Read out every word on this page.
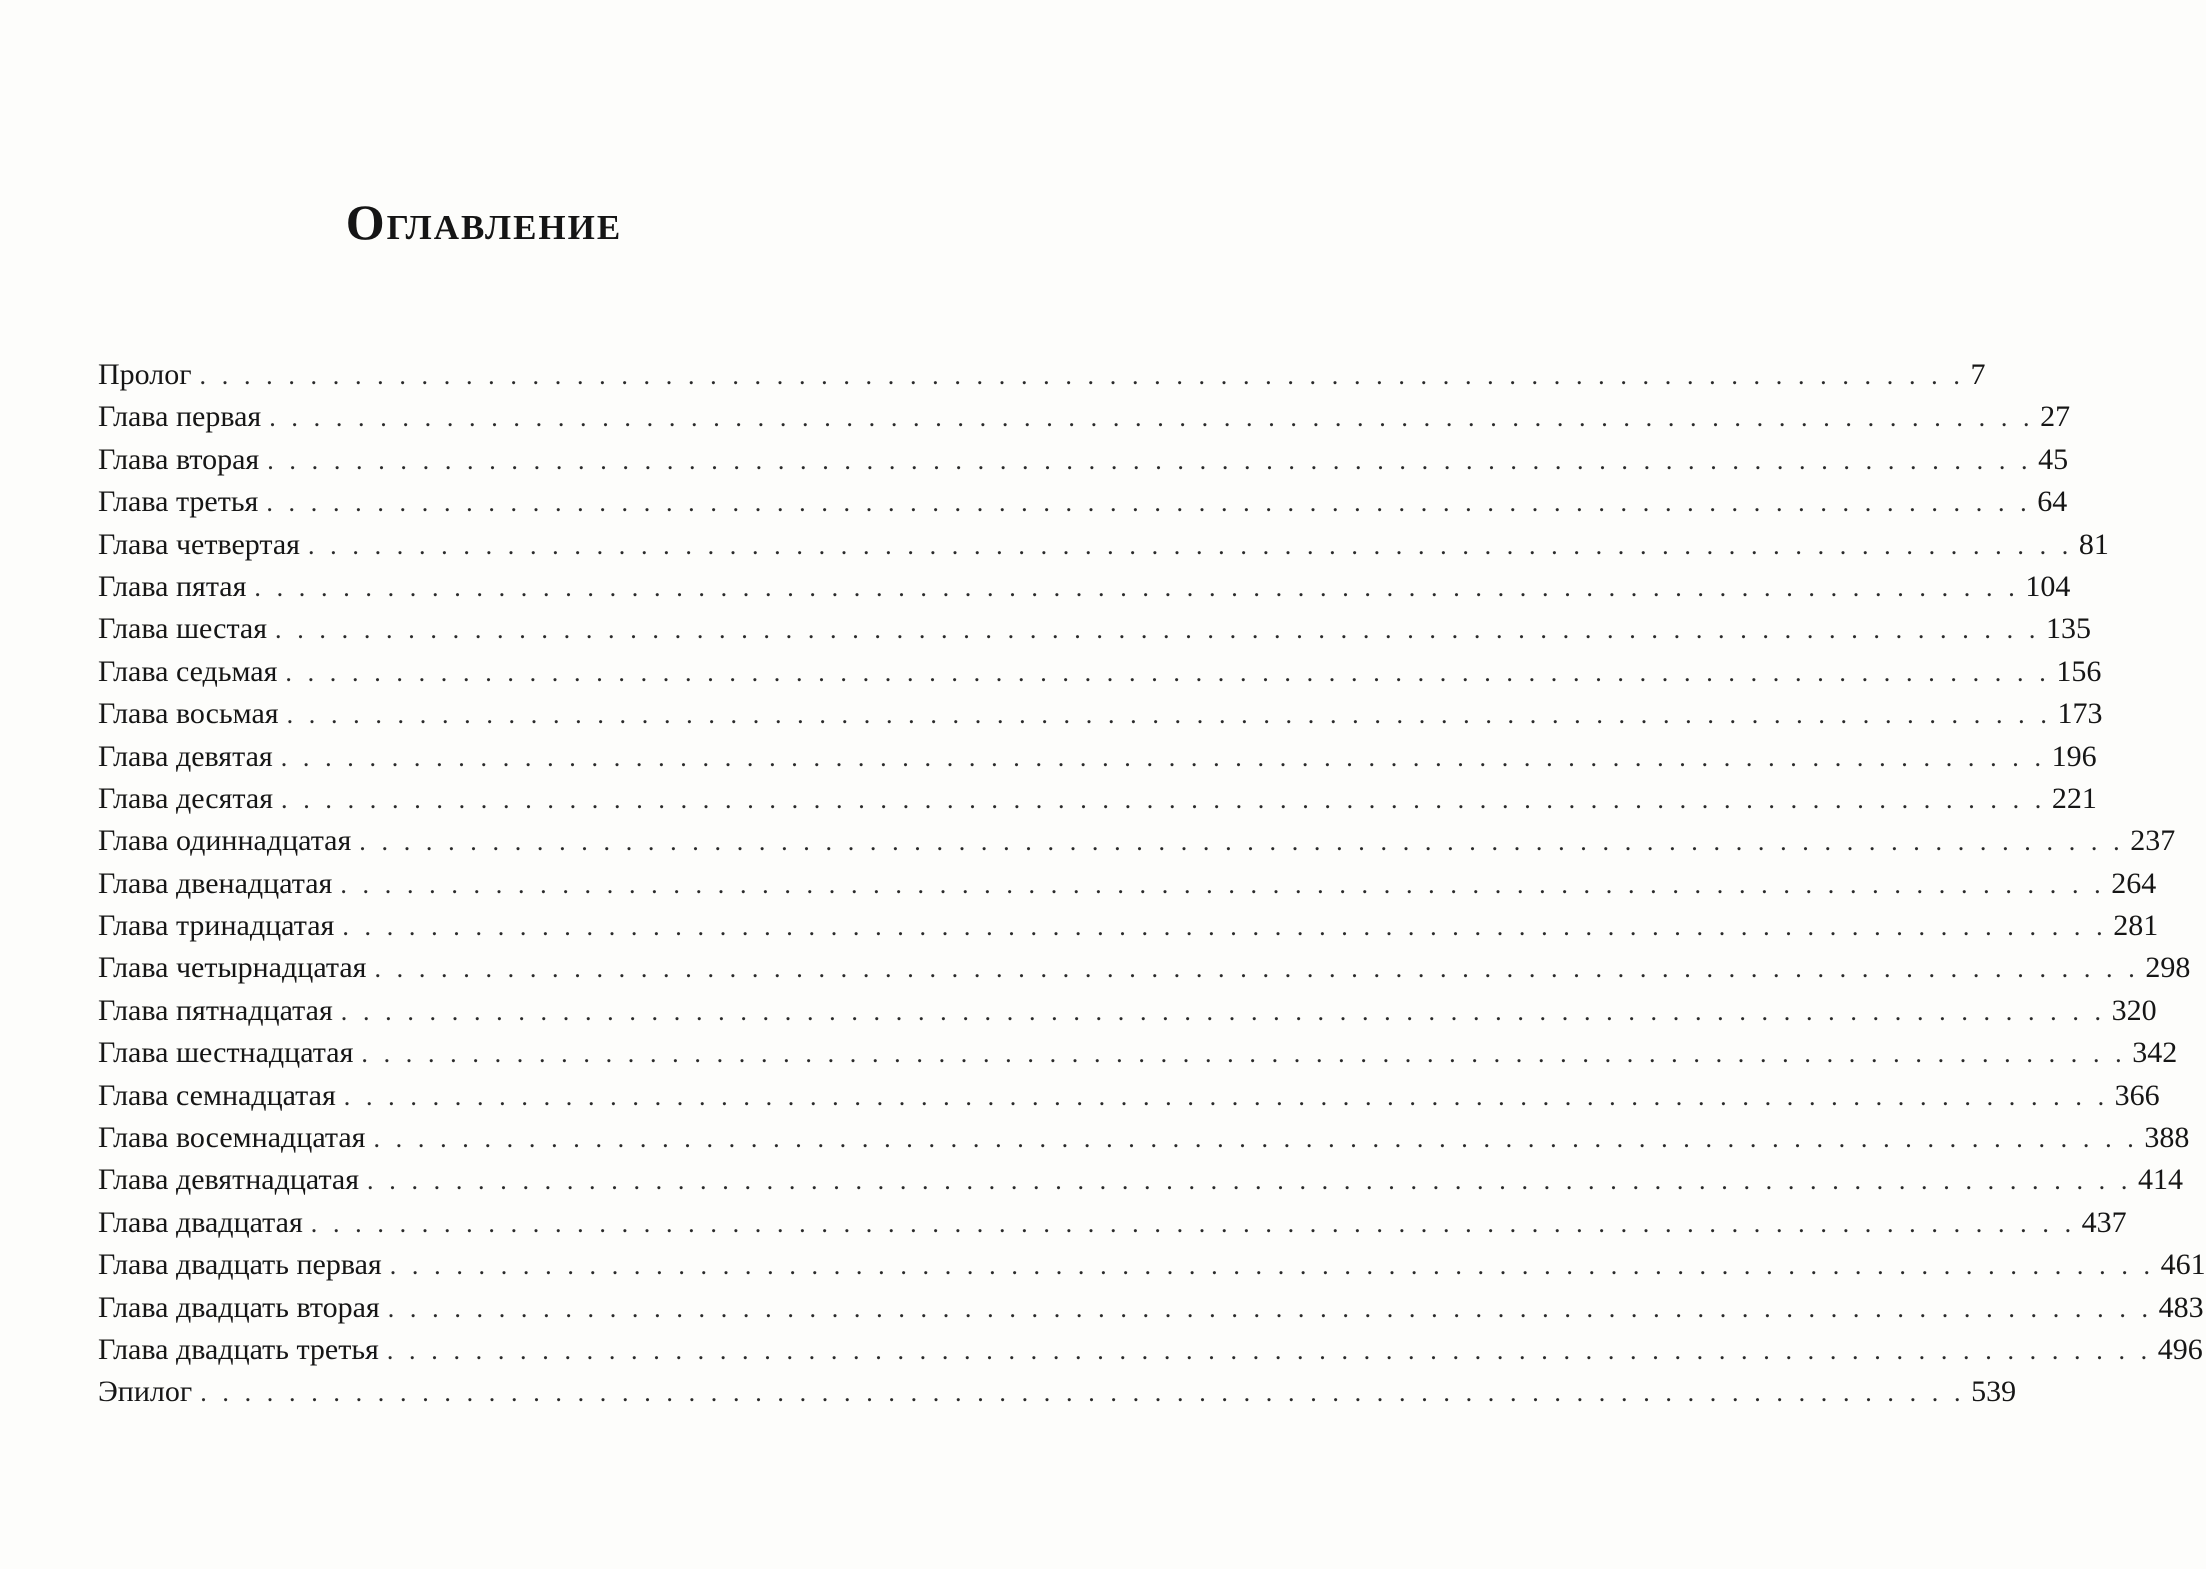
Оглавление
Пролог . . . . . . . . . . . . . . . . . . . . . . . . . . . . . . . . . . . . . . . . . . . . . . . . . . . . . . . . . . . . . . . . . . . . . . . . . . . . . . . . 7
Глава первая . . . . . . . . . . . . . . . . . . . . . . . . . . . . . . . . . . . . . . . . . . . . . . . . . . . . . . . . . . . . . . . . . . . . . . . . . . . . . . . . 27
Глава вторая . . . . . . . . . . . . . . . . . . . . . . . . . . . . . . . . . . . . . . . . . . . . . . . . . . . . . . . . . . . . . . . . . . . . . . . . . . . . . . . . 45
Глава третья . . . . . . . . . . . . . . . . . . . . . . . . . . . . . . . . . . . . . . . . . . . . . . . . . . . . . . . . . . . . . . . . . . . . . . . . . . . . . . . . 64
Глава четвертая . . . . . . . . . . . . . . . . . . . . . . . . . . . . . . . . . . . . . . . . . . . . . . . . . . . . . . . . . . . . . . . . . . . . . . . . . . . . . . . . 81
Глава пятая . . . . . . . . . . . . . . . . . . . . . . . . . . . . . . . . . . . . . . . . . . . . . . . . . . . . . . . . . . . . . . . . . . . . . . . . . . . . . . . . 104
Глава шестая . . . . . . . . . . . . . . . . . . . . . . . . . . . . . . . . . . . . . . . . . . . . . . . . . . . . . . . . . . . . . . . . . . . . . . . . . . . . . . . . 135
Глава седьмая . . . . . . . . . . . . . . . . . . . . . . . . . . . . . . . . . . . . . . . . . . . . . . . . . . . . . . . . . . . . . . . . . . . . . . . . . . . . . . . . 156
Глава восьмая . . . . . . . . . . . . . . . . . . . . . . . . . . . . . . . . . . . . . . . . . . . . . . . . . . . . . . . . . . . . . . . . . . . . . . . . . . . . . . . . 173
Глава девятая . . . . . . . . . . . . . . . . . . . . . . . . . . . . . . . . . . . . . . . . . . . . . . . . . . . . . . . . . . . . . . . . . . . . . . . . . . . . . . . . 196
Глава десятая . . . . . . . . . . . . . . . . . . . . . . . . . . . . . . . . . . . . . . . . . . . . . . . . . . . . . . . . . . . . . . . . . . . . . . . . . . . . . . . . 221
Глава одиннадцатая . . . . . . . . . . . . . . . . . . . . . . . . . . . . . . . . . . . . . . . . . . . . . . . . . . . . . . . . . . . . . . . . . . . . . . . . . . . . . . . . 237
Глава двенадцатая . . . . . . . . . . . . . . . . . . . . . . . . . . . . . . . . . . . . . . . . . . . . . . . . . . . . . . . . . . . . . . . . . . . . . . . . . . . . . . . . 264
Глава тринадцатая . . . . . . . . . . . . . . . . . . . . . . . . . . . . . . . . . . . . . . . . . . . . . . . . . . . . . . . . . . . . . . . . . . . . . . . . . . . . . . . . 281
Глава четырнадцатая . . . . . . . . . . . . . . . . . . . . . . . . . . . . . . . . . . . . . . . . . . . . . . . . . . . . . . . . . . . . . . . . . . . . . . . . . . . . . . . . 298
Глава пятнадцатая . . . . . . . . . . . . . . . . . . . . . . . . . . . . . . . . . . . . . . . . . . . . . . . . . . . . . . . . . . . . . . . . . . . . . . . . . . . . . . . . 320
Глава шестнадцатая . . . . . . . . . . . . . . . . . . . . . . . . . . . . . . . . . . . . . . . . . . . . . . . . . . . . . . . . . . . . . . . . . . . . . . . . . . . . . . . . 342
Глава семнадцатая . . . . . . . . . . . . . . . . . . . . . . . . . . . . . . . . . . . . . . . . . . . . . . . . . . . . . . . . . . . . . . . . . . . . . . . . . . . . . . . . 366
Глава восемнадцатая . . . . . . . . . . . . . . . . . . . . . . . . . . . . . . . . . . . . . . . . . . . . . . . . . . . . . . . . . . . . . . . . . . . . . . . . . . . . . . . . 388
Глава девятнадцатая . . . . . . . . . . . . . . . . . . . . . . . . . . . . . . . . . . . . . . . . . . . . . . . . . . . . . . . . . . . . . . . . . . . . . . . . . . . . . . . . 414
Глава двадцатая . . . . . . . . . . . . . . . . . . . . . . . . . . . . . . . . . . . . . . . . . . . . . . . . . . . . . . . . . . . . . . . . . . . . . . . . . . . . . . . . 437
Глава двадцать первая . . . . . . . . . . . . . . . . . . . . . . . . . . . . . . . . . . . . . . . . . . . . . . . . . . . . . . . . . . . . . . . . . . . . . . . . . . . . . . . . 461
Глава двадцать вторая . . . . . . . . . . . . . . . . . . . . . . . . . . . . . . . . . . . . . . . . . . . . . . . . . . . . . . . . . . . . . . . . . . . . . . . . . . . . . . . . 483
Глава двадцать третья . . . . . . . . . . . . . . . . . . . . . . . . . . . . . . . . . . . . . . . . . . . . . . . . . . . . . . . . . . . . . . . . . . . . . . . . . . . . . . . . 496
Эпилог . . . . . . . . . . . . . . . . . . . . . . . . . . . . . . . . . . . . . . . . . . . . . . . . . . . . . . . . . . . . . . . . . . . . . . . . . . . . . . . . 539
